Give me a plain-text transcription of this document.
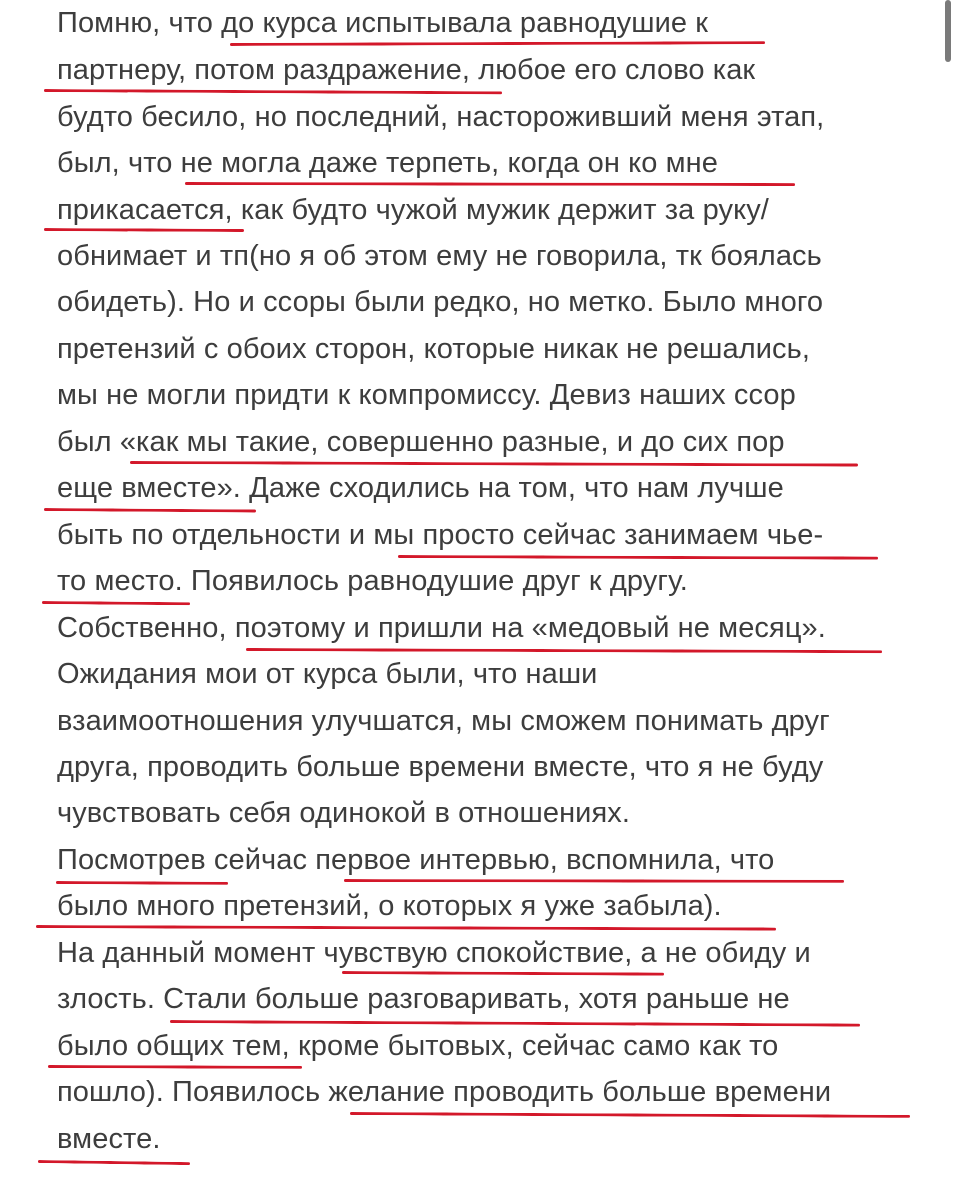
Помню, что до курса испытывала равнодушие к
партнеру, потом раздражение, любое его слово как
будто бесило, но последний, насторoживший меня этап,
был, что не могла даже терпеть, когда он ко мне
прикасается, как будто чужой мужик держит за руку/
обнимает и тп(но я об этом ему не говорила, тк боялась
обидеть). Но и ссоры были редко, но метко. Было много
претензий с обоих сторон, которые никак не решались,
мы не могли придти к компромиссу. Девиз наших ссор
был «как мы такие, совершенно разные, и до сих пор
еще вместе». Даже сходились на том, что нам лучше
быть по отдельности и мы просто сейчас занимаем чье-
то место. Появилось равнодушие друг к другу.
Собственно, поэтому и пришли на «медовый не месяц».
Ожидания мои от курса были, что наши
взаимоотношения улучшатся, мы сможем понимать друг
друга, проводить больше времени вместе, что я не буду
чувствовать себя одинокой в отношениях.
Посмотрев сейчас первое интервью, вспомнила, что
было много претензий, о которых я уже забыла).
На данный момент чувствую спокойствие, а не обиду и
злость. Стали больше разговаривать, хотя раньше не
было общих тем, кроме бытовых, сейчас само как то
пошло). Появилось желание проводить больше времени
вместе.
